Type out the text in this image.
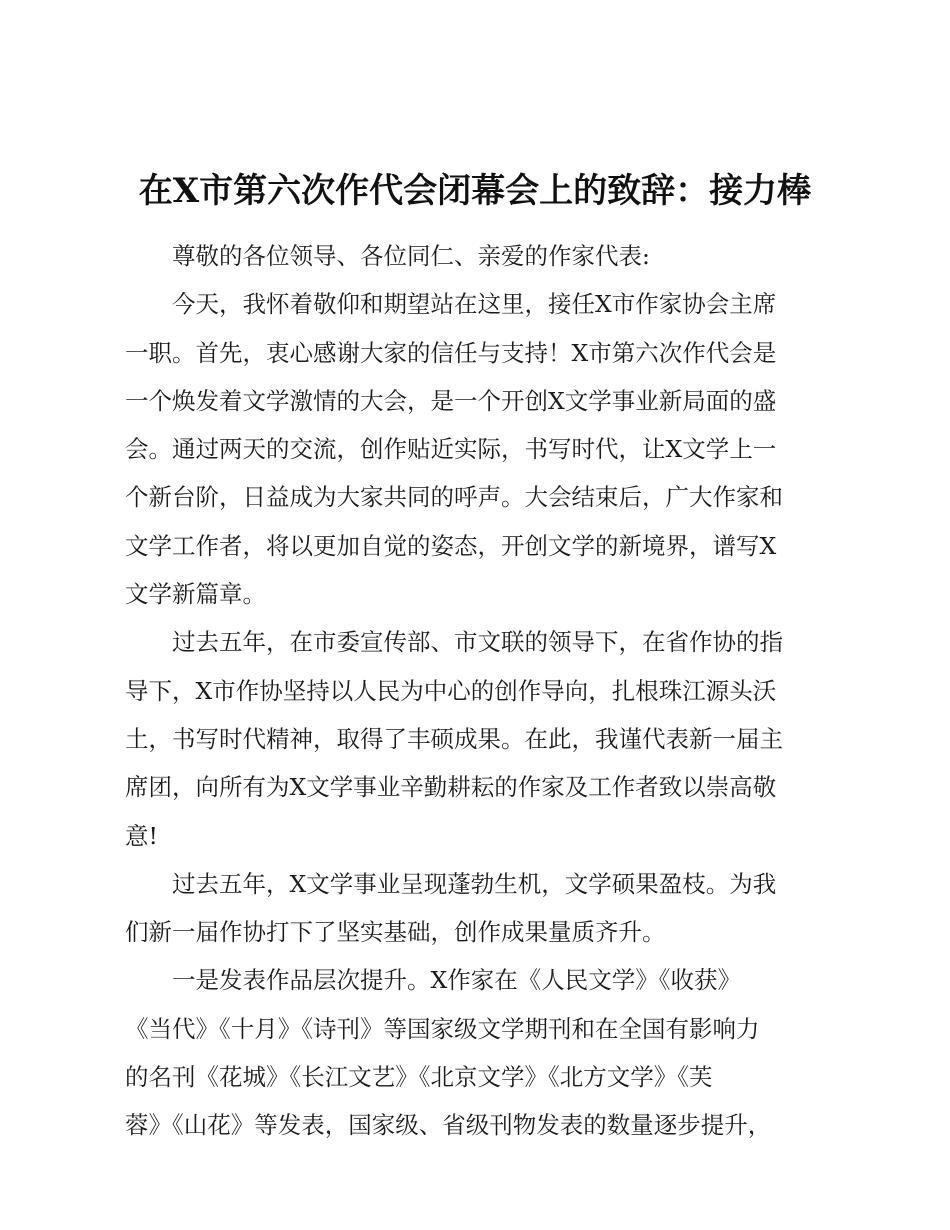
在X市第六次作代会闭幕会上的致辞：接力棒
尊敬的各位领导、各位同仁、亲爱的作家代表:
今天，我怀着敬仰和期望站在这里，接任X市作家协会主席
一职。首先，衷心感谢大家的信任与支持！X市第六次作代会是
一个焕发着文学激情的大会，是一个开创X文学事业新局面的盛
会。通过两天的交流，创作贴近实际，书写时代，让X文学上一
个新台阶，日益成为大家共同的呼声。大会结束后，广大作家和
文学工作者，将以更加自觉的姿态，开创文学的新境界，谱写X
文学新篇章。
过去五年，在市委宣传部、市文联的领导下，在省作协的指
导下，X市作协坚持以人民为中心的创作导向，扎根珠江源头沃
土，书写时代精神，取得了丰硕成果。在此，我谨代表新一届主
席团，向所有为X文学事业辛勤耕耘的作家及工作者致以崇高敬
意!
过去五年，X文学事业呈现蓬勃生机，文学硕果盈枝。为我
们新一届作协打下了坚实基础，创作成果量质齐升。
一是发表作品层次提升。X作家在《人民文学》《收获》
《当代》《十月》《诗刊》等国家级文学期刊和在全国有影响力
的名刊《花城》《长江文艺》《北京文学》《北方文学》《芙
蓉》《山花》等发表，国家级、省级刊物发表的数量逐步提升，
